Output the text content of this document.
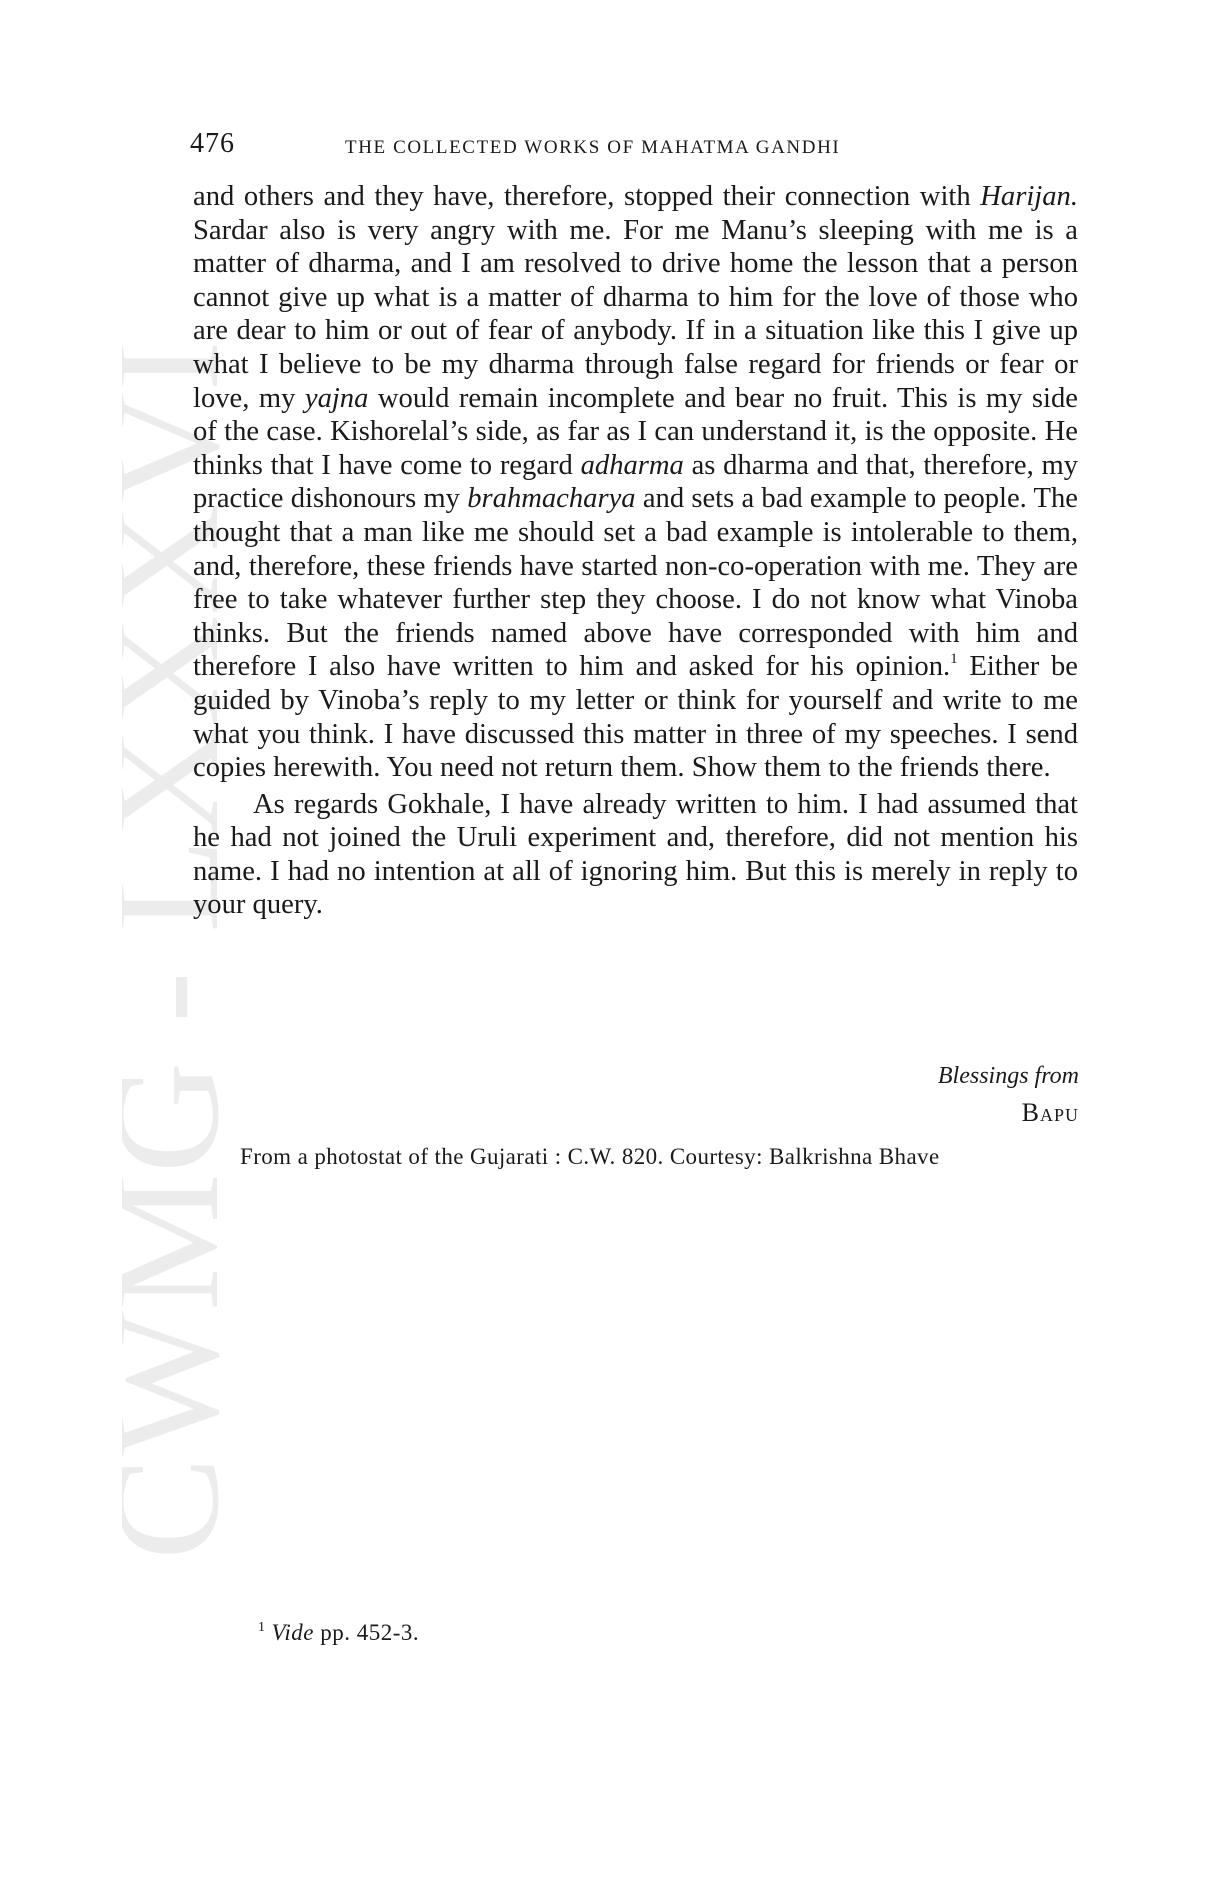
CWMG LXXXVI
476	THE COLLECTED WORKS OF MAHATMA GANDHI

and others and they have, therefore, stopped their connection with Harijan. Sardar also is very angry with me. For me Manu’s sleeping with me is a matter of dharma, and I am resolved to drive home the lesson that a person cannot give up what is a matter of dharma to him for the love of those who are dear to him or out of fear of anybody. If in a situation like this I give up what I believe to be my dharma through false regard for friends or fear or love, my yajna would remain incomplete and bear no fruit. This is my side of the case. Kishorelal’s side, as far as I can understand it, is the opposite. He thinks that I have come to regard adharma as dharma and that, therefore, my practice dishonours my brahmacharya and sets a bad example to people. The thought that a man like me should set a bad example is intolerable to them, and, therefore, these friends have started non-co-operation with me. They are free to take whatever further step they choose. I do not know what Vinoba thinks. But the friends named above have corresponded with him and therefore I also have written to him and asked for his opinion.$^1$ Either be guided by Vinoba’s reply to my letter or think for yourself and write to me what you think. I have discussed this matter in three of my speeches. I send copies herewith. You need not return them. Show them to the friends there.

As regards Gokhale, I have already written to him. I had assumed that he had not joined the Uruli experiment and, therefore, did not mention his name. I had no intention at all of ignoring him. But this is merely in reply to your query.

Blessings from
Bapu
From a photostat of the Gujarati : C.W. 820. Courtesy: Balkrishna Bhave
$^1$ Vide pp. 452-3.
